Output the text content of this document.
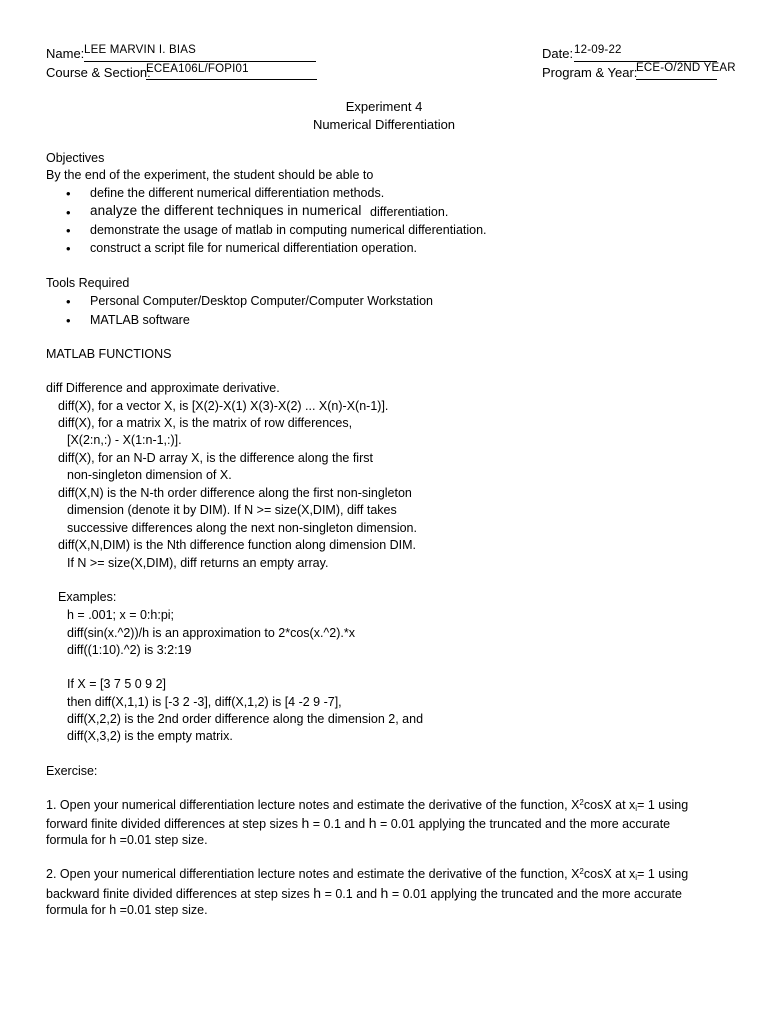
Name: LEE MARVIN I. BIAS
Course & Section:
ECEA106L/FOPI01
Date: 12-09-22
Program & Year:
ECE-O/2ND YEAR
Experiment 4
Numerical Differentiation
Objectives
By the end of the experiment, the student should be able to
• define the different numerical differentiation methods.
• analyze the different techniques in numerical differentiation.
• demonstrate the usage of matlab in computing numerical differentiation.
• construct a script file for numerical differentiation operation.
Tools Required
• Personal Computer/Desktop Computer/Computer Workstation
• MATLAB software
MATLAB FUNCTIONS
diff Difference and approximate derivative.
diff(X), for a vector X, is [X(2)-X(1) X(3)-X(2) ... X(n)-X(n-1)].
diff(X), for a matrix X, is the matrix of row differences,
[X(2:n,:) - X(1:n-1,:)].
diff(X), for an N-D array X, is the difference along the first
non-singleton dimension of X.
diff(X,N) is the N-th order difference along the first non-singleton
dimension (denote it by DIM). If N >= size(X,DIM), diff takes
successive differences along the next non-singleton dimension.
diff(X,N,DIM) is the Nth difference function along dimension DIM.
If N >= size(X,DIM), diff returns an empty array.
Examples:
h = .001; x = 0:h:pi;
diff(sin(x.^2))/h is an approximation to 2*cos(x.^2).*x
diff((1:10).^2) is 3:2:19
If X = [3 7 5 0 9 2]
then diff(X,1,1) is [-3 2 -3], diff(X,1,2) is [4 -2 9 -7],
diff(X,2,2) is the 2nd order difference along the dimension 2, and
diff(X,3,2) is the empty matrix.
Exercise:
1. Open your numerical differentiation lecture notes and estimate the derivative of the function, $X^2\cos X$ at $x_i= 1$ using
forward finite divided differences at step sizes h = 0.1 and h = 0.01 applying the truncated and the more accurate
formula for h =0.01 step size.
2. Open your numerical differentiation lecture notes and estimate the derivative of the function, $X^2\cos X$ at $x_i= 1$ using
backward finite divided differences at step sizes h = 0.1 and h = 0.01 applying the truncated and the more accurate
formula for h =0.01 step size.
